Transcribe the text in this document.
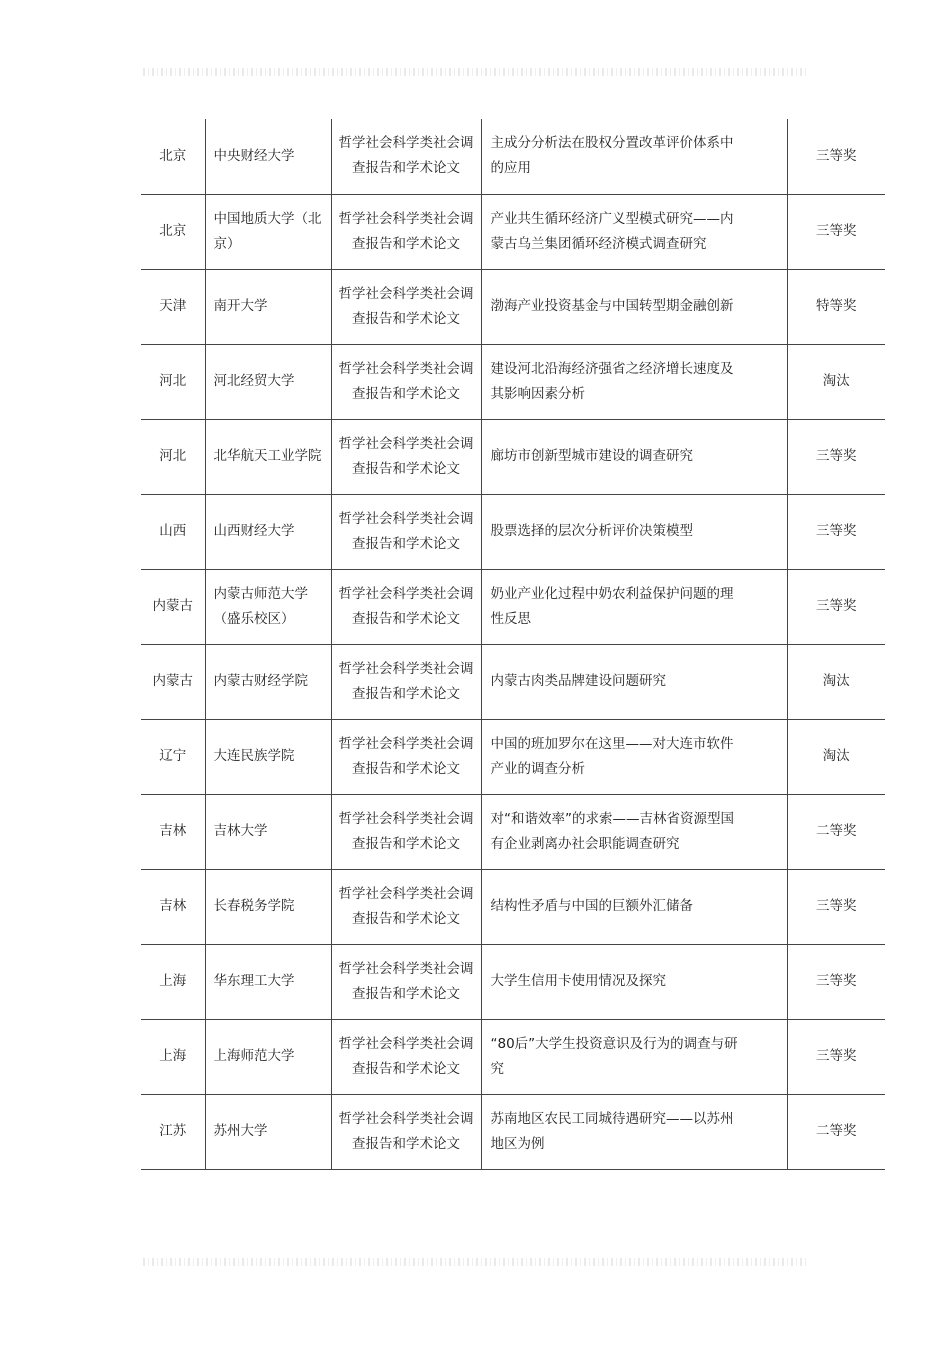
北京	中央财经大学	哲学社会科学类社会调查报告和学术论文	主成分分析法在股权分置改革评价体系中的应用	三等奖
北京	中国地质大学（北京）	哲学社会科学类社会调查报告和学术论文	产业共生循环经济广义型模式研究——内蒙古乌兰集团循环经济模式调查研究	三等奖
天津	南开大学	哲学社会科学类社会调查报告和学术论文	渤海产业投资基金与中国转型期金融创新	特等奖
河北	河北经贸大学	哲学社会科学类社会调查报告和学术论文	建设河北沿海经济强省之经济增长速度及其影响因素分析	淘汰
河北	北华航天工业学院	哲学社会科学类社会调查报告和学术论文	廊坊市创新型城市建设的调查研究	三等奖
山西	山西财经大学	哲学社会科学类社会调查报告和学术论文	股票选择的层次分析评价决策模型	三等奖
内蒙古	内蒙古师范大学（盛乐校区）	哲学社会科学类社会调查报告和学术论文	奶业产业化过程中奶农利益保护问题的理性反思	三等奖
内蒙古	内蒙古财经学院	哲学社会科学类社会调查报告和学术论文	内蒙古肉类品牌建设问题研究	淘汰
辽宁	大连民族学院	哲学社会科学类社会调查报告和学术论文	中国的班加罗尔在这里——对大连市软件产业的调查分析	淘汰
吉林	吉林大学	哲学社会科学类社会调查报告和学术论文	对“和谐效率”的求索——吉林省资源型国有企业剥离办社会职能调查研究	二等奖
吉林	长春税务学院	哲学社会科学类社会调查报告和学术论文	结构性矛盾与中国的巨额外汇储备	三等奖
上海	华东理工大学	哲学社会科学类社会调查报告和学术论文	大学生信用卡使用情况及探究	三等奖
上海	上海师范大学	哲学社会科学类社会调查报告和学术论文	“80后”大学生投资意识及行为的调查与研究	三等奖
江苏	苏州大学	哲学社会科学类社会调查报告和学术论文	苏南地区农民工同城待遇研究——以苏州地区为例	二等奖
